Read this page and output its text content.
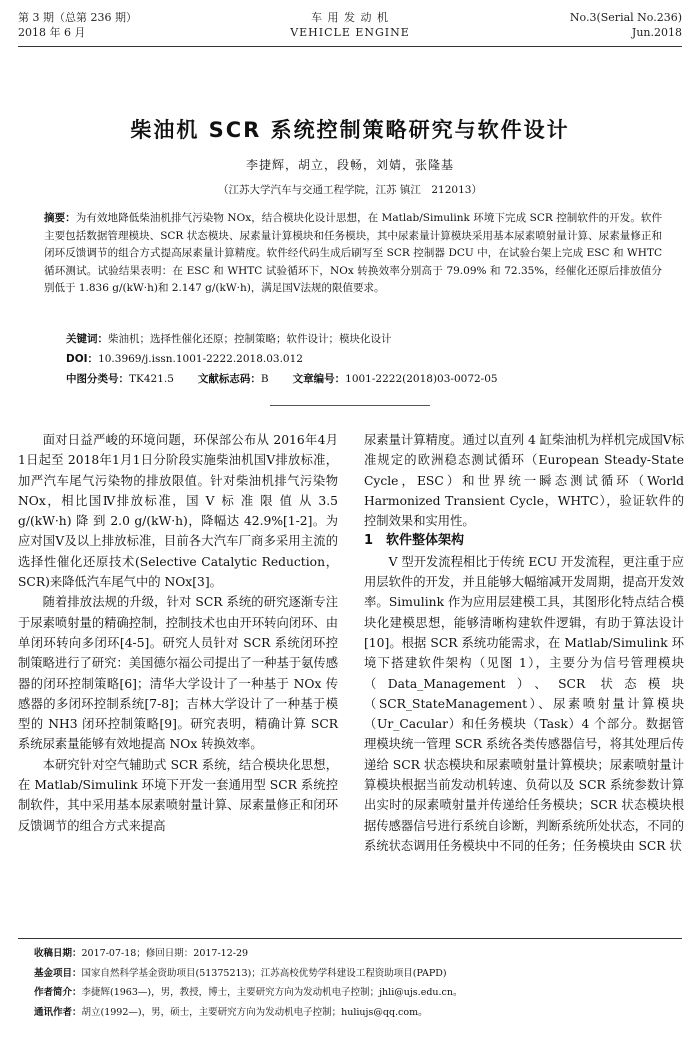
第 3 期（总第 236 期）
2018 年 6 月
车 用 发 动 机
VEHICLE ENGINE
No.3(Serial No.236)
Jun.2018
柴油机 SCR 系统控制策略研究与软件设计
李捷辉，胡立，段畅，刘婧，张隆基
（江苏大学汽车与交通工程学院，江苏 镇江　212013）
摘要：为有效地降低柴油机排气污染物 NOx，结合模块化设计思想，在 Matlab/Simulink 环境下完成 SCR 控制软件的开发。软件主要包括数据管理模块、SCR 状态模块、尿素量计算模块和任务模块，其中尿素量计算模块采用基本尿素喷射量计算、尿素量修正和闭环反馈调节的组合方式提高尿素量计算精度。软件经代码生成后刷写至 SCR 控制器 DCU 中，在试验台架上完成 ESC 和 WHTC 循环测试。试验结果表明：在 ESC 和 WHTC 试验循环下，NOx 转换效率分别高于 79.09% 和 72.35%，经催化还原后排放值分别低于 1.836 g/(kW·h)和 2.147 g/(kW·h)，满足国Ⅴ法规的限值要求。
关键词：柴油机；选择性催化还原；控制策略；软件设计；模块化设计
DOI：10.3969/j.issn.1001-2222.2018.03.012
中图分类号：TK421.5 文献标志码：B 文章编号：1001-2222(2018)03-0072-05

面对日益严峻的环境问题，环保部公布从 2016年4月1日起至 2018年1月1日分阶段实施柴油机国Ⅴ排放标准，加严汽车尾气污染物的排放限值。针对柴油机排气污染物 NOx，相比国Ⅳ排放标准，国 Ⅴ 标 准 限 值 从 3.5 g/(kW·h) 降 到 2.0 g/(kW·h)，降幅达 42.9%[1-2]。为应对国Ⅴ及以上排放标准，目前各大汽车厂商多采用主流的选择性催化还原技术(Selective Catalytic Reduction，SCR)来降低汽车尾气中的 NOx[3]。

随着排放法规的升级，针对 SCR 系统的研究逐渐专注于尿素喷射量的精确控制，控制技术也由开环转向闭环、由单闭环转向多闭环[4-5]。研究人员针对 SCR 系统闭环控制策略进行了研究：美国德尔福公司提出了一种基于氨传感器的闭环控制策略[6]；清华大学设计了一种基于 NOx 传感器的多闭环控制系统[7-8]；吉林大学设计了一种基于模型的 NH3 闭环控制策略[9]。研究表明，精确计算 SCR 系统尿素量能够有效地提高 NOx 转换效率。

本研究针对空气辅助式 SCR 系统，结合模块化思想，在 Matlab/Simulink 环境下开发一套通用型 SCR 系统控制软件，其中采用基本尿素喷射量计算、尿素量修正和闭环反馈调节的组合方式来提高

尿素量计算精度。通过以直列 4 缸柴油机为样机完成国Ⅴ标准规定的欧洲稳态测试循环（European Steady-State Cycle，ESC）和世界统一瞬态测试循环（World Harmonized Transient Cycle，WHTC），验证软件的控制效果和实用性。

1　软件整体架构

V 型开发流程相比于传统 ECU 开发流程，更注重于应用层软件的开发，并且能够大幅缩减开发周期，提高开发效率。Simulink 作为应用层建模工具，其图形化特点结合模块化建模思想，能够清晰构建软件逻辑，有助于算法设计[10]。根据 SCR 系统功能需求，在 Matlab/Simulink 环境下搭建软件架构（见图 1），主要分为信号管理模块（Data_Management）、SCR 状态模块（SCR_StateManagement）、尿素喷射量计算模块（Ur_Cacular）和任务模块（Task）4 个部分。数据管理模块统一管理 SCR 系统各类传感器信号，将其处理后传递给 SCR 状态模块和尿素喷射量计算模块；尿素喷射量计算模块根据当前发动机转速、负荷以及 SCR 系统参数计算出实时的尿素喷射量并传递给任务模块；SCR 状态模块根据传感器信号进行系统自诊断，判断系统所处状态，不同的系统状态调用任务模块中不同的任务；任务模块由 SCR 状

收稿日期：2017-07-18；修回日期：2017-12-29
基金项目：国家自然科学基金资助项目(51375213)；江苏高校优势学科建设工程资助项目(PAPD)
作者简介：李捷辉(1963—)，男，教授，博士，主要研究方向为发动机电子控制；jhli@ujs.edu.cn。
通讯作者：胡立(1992—)，男，硕士，主要研究方向为发动机电子控制；huliujs@qq.com。
